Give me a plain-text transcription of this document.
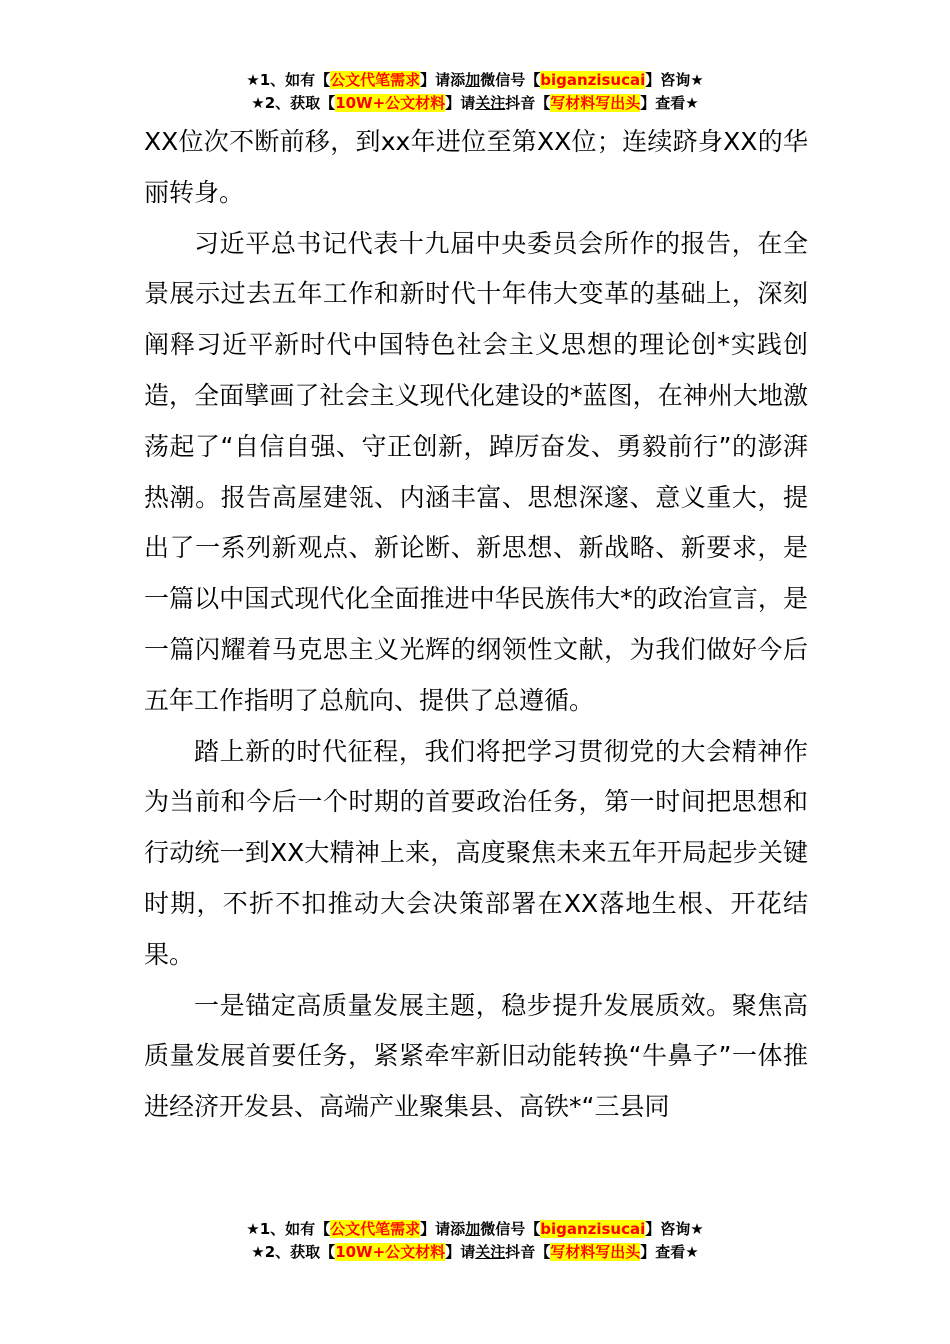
★1、如有【公文代笔需求】请添加微信号【biganzisucai】咨询★
★2、获取【10W+公文材料】请关注抖音【写材料写出头】查看★

XX位次不断前移，到xx年进位至第XX位；连续跻身XX的华丽转身。

习近平总书记代表十九届中央委员会所作的报告，在全景展示过去五年工作和新时代十年伟大变革的基础上，深刻阐释习近平新时代中国特色社会主义思想的理论创*实践创造，全面擘画了社会主义现代化建设的*蓝图，在神州大地激荡起了“自信自强、守正创新，踔厉奋发、勇毅前行”的澎湃热潮。报告高屋建瓴、内涵丰富、思想深邃、意义重大，提出了一系列新观点、新论断、新思想、新战略、新要求，是一篇以中国式现代化全面推进中华民族伟大*的政治宣言，是一篇闪耀着马克思主义光辉的纲领性文献，为我们做好今后五年工作指明了总航向、提供了总遵循。

踏上新的时代征程，我们将把学习贯彻党的大会精神作为当前和今后一个时期的首要政治任务，第一时间把思想和行动统一到XX大精神上来，高度聚焦未来五年开局起步关键时期，不折不扣推动大会决策部署在XX落地生根、开花结果。

一是锚定高质量发展主题，稳步提升发展质效。聚焦高质量发展首要任务，紧紧牵牢新旧动能转换“牛鼻子”一体推进经济开发县、高端产业聚集县、高铁*“三县同

★1、如有【公文代笔需求】请添加微信号【biganzisucai】咨询★
★2、获取【10W+公文材料】请关注抖音【写材料写出头】查看★
